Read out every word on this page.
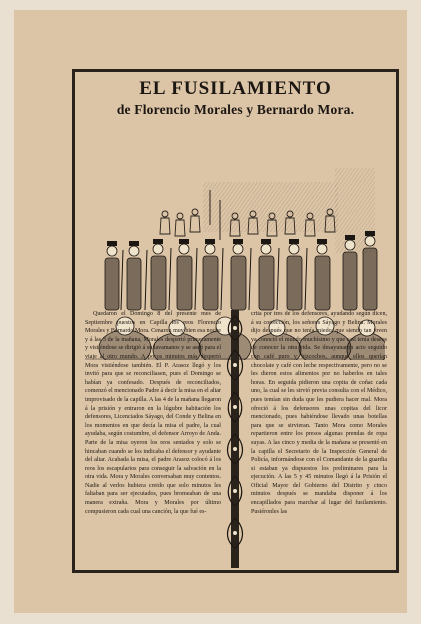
EL FUSILAMIENTO
de Florencio Morales y Bernardo Mora.

Quedaron el Domingo 8 del presente mes de Septiembre puestos en Capilla los reos Florencio Morales y Bernardo Mora. Cenaron muy bien esa noche y á las 3 de la mañana, Morales despertó primeramente y vistiéndose se dirigió á su lavamanos y se aseó para el viaje al otro mundo. A pocos minutos más despertó Mora vistiéndose también. El P. Arasoz llegó y los invitó para que se reconciliasen, pues el Domingo se habían ya confesado. Después de reconciliados, comenzó el mencionado Padre á decir la misa en el altar improvisado de la capilla. A las 4 de la mañana llegaron á la prisión y entraron en la lúgubre habitación los defensores, Licenciados Sáyago, del Conde y Belina en los momentos en que decía la misa el padre, la cual ayudaba, según costumbre, el defensor Arroyo de Anda. Parte de la misa oyeron los reos sentados y solo se hincaban cuando se los indicaba el defensor y ayudante del altar. Acabada la misa, el padre Arasoz colocó á los reos los escapularios para conseguir la salvación en la otra vida. Mora y Morales conversaban muy contentos. Nadie al verlos hubiera creido que solo minutos les faltaban para ser ejecutados, pues bromeaban de una manera extraña. Mora y Morales por último compusieron cada cual una canción, la que fué es-

crita por tres de los defensores, ayudando según dicen, á su corrección, los señores Sáyago y Belina. Morales dijo después que no tenía miedo; que siendo tan joven ya conoció el mundo muchísimo y que casi tenía deseos de conocer la otra vida. Se desayunaron acto seguido con café puro y bizcochos, aunque ellos querían chocolate y café con leche respectivamente, pero no se les dieron estos alimentos por no haberlos en tales horas. En seguida pidieron una copita de coñac cada uno, la cual se les sirvió previa consulta con el Médico, pues temían sin duda que les pudiera hacer mal. Mora ofreció á los defensores unas copitas del licor mencionado, pues habiéndose llevado unas botellas para que se sirvieran. Tanto Mora como Morales repartieron entre los presos algunas prendas de ropa suyas. A las cinco y media de la mañana se presentó en la capilla el Secretario de la Inspección General de Policía, informándose con el Comandante de la guardia si estaban ya dispuestos los preliminares para la ejecución. A las 5 y 45 minutos llegó á la Prisión el Oficial Mayor del Gobierno del Distrito y cinco minutos después se mandaba disponer á los encapillados para marchar al lugar del fusilamiento. Pusiéronles las
